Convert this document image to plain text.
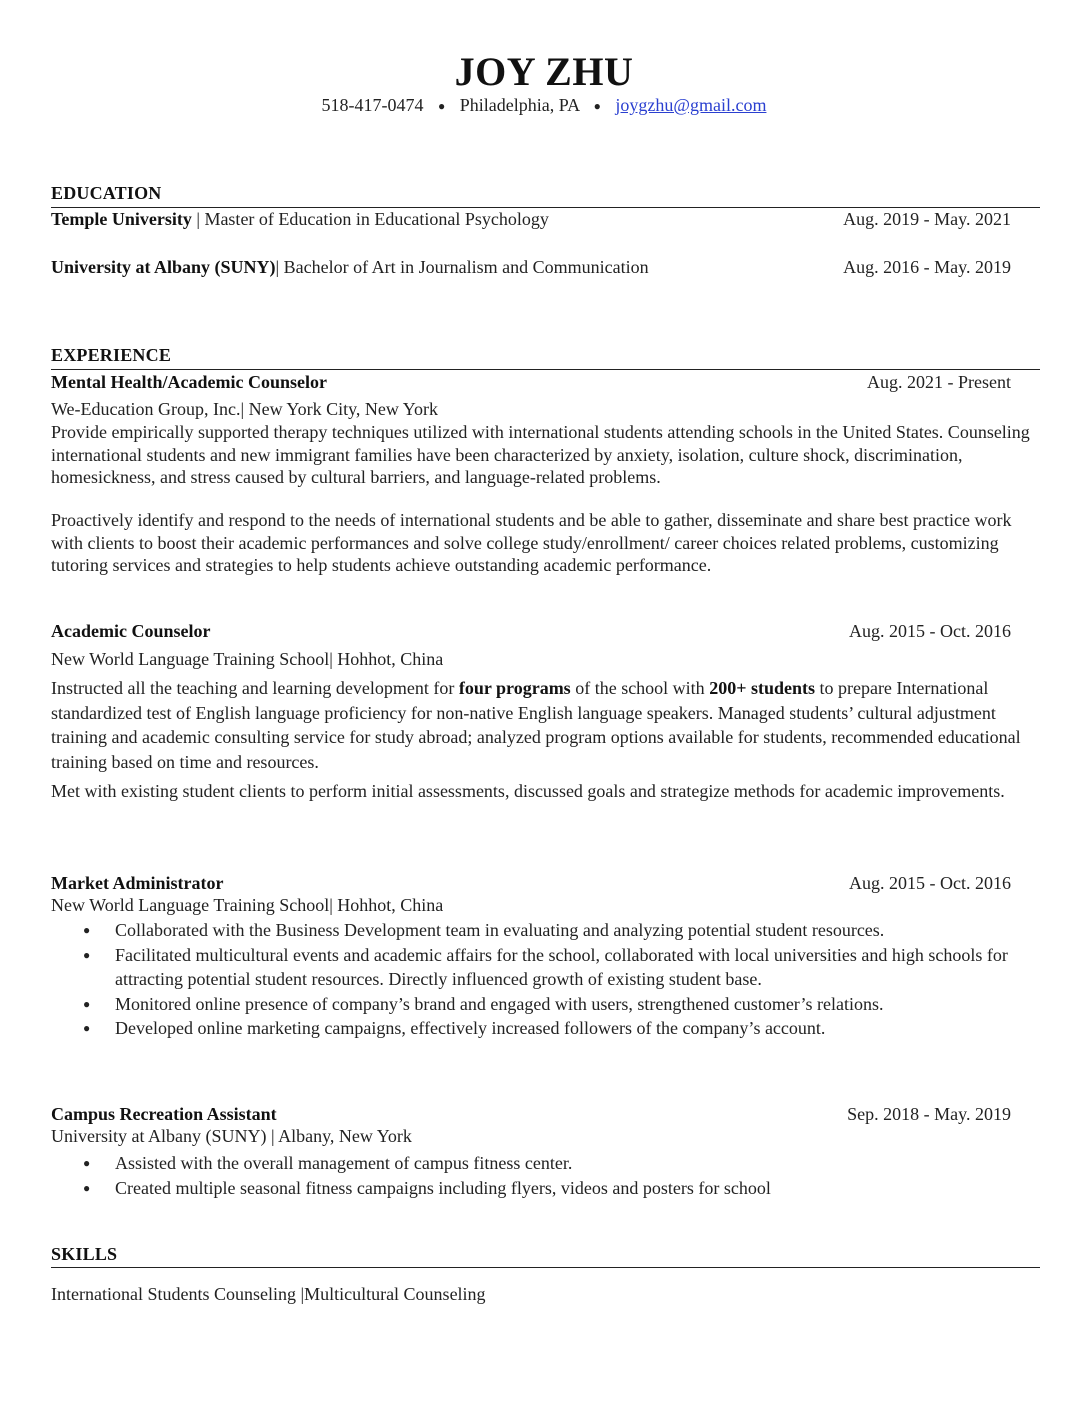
JOY ZHU
518-417-0474 ● Philadelphia, PA ● joygzhu@gmail.com
EDUCATION
Temple University | Master of Education in Educational Psychology	Aug. 2019 - May. 2021
University at Albany (SUNY)| Bachelor of Art in Journalism and Communication	Aug. 2016 - May. 2019
EXPERIENCE
Mental Health/Academic Counselor	Aug. 2021 - Present
We-Education Group, Inc.| New York City, New York
Provide empirically supported therapy techniques utilized with international students attending schools in the United States. Counseling international students and new immigrant families have been characterized by anxiety, isolation, culture shock, discrimination, homesickness, and stress caused by cultural barriers, and language-related problems.
Proactively identify and respond to the needs of international students and be able to gather, disseminate and share best practice work with clients to boost their academic performances and solve college study/enrollment/ career choices related problems, customizing tutoring services and strategies to help students achieve outstanding academic performance.
Academic Counselor	Aug. 2015 - Oct. 2016
New World Language Training School| Hohhot, China
Instructed all the teaching and learning development for four programs of the school with 200+ students to prepare International standardized test of English language proficiency for non-native English language speakers. Managed students’ cultural adjustment training and academic consulting service for study abroad; analyzed program options available for students, recommended educational training based on time and resources.
Met with existing student clients to perform initial assessments, discussed goals and strategize methods for academic improvements.
Market Administrator	Aug. 2015 - Oct. 2016
New World Language Training School| Hohhot, China
● Collaborated with the Business Development team in evaluating and analyzing potential student resources.
● Facilitated multicultural events and academic affairs for the school, collaborated with local universities and high schools for attracting potential student resources. Directly influenced growth of existing student base.
● Monitored online presence of company’s brand and engaged with users, strengthened customer’s relations.
● Developed online marketing campaigns, effectively increased followers of the company’s account.
Campus Recreation Assistant	Sep. 2018 - May. 2019
University at Albany (SUNY) | Albany, New York
● Assisted with the overall management of campus fitness center.
● Created multiple seasonal fitness campaigns including flyers, videos and posters for school
SKILLS
International Students Counseling |Multicultural Counseling
